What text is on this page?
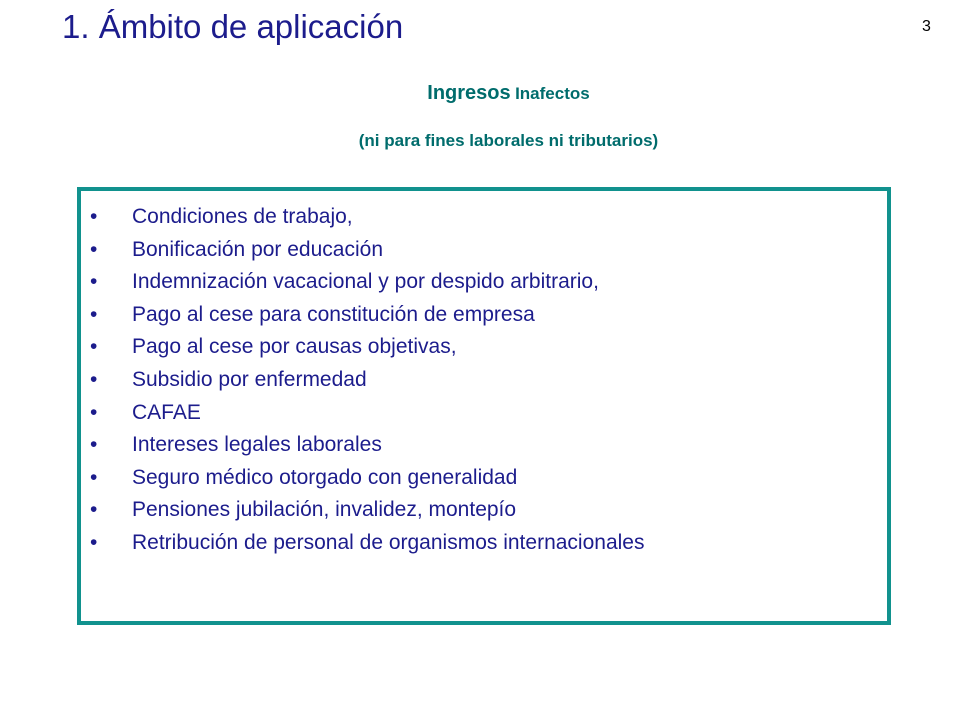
1. Ámbito de aplicación	3
Ingresos Inafectos
(ni para fines laborales ni tributarios)
•	Condiciones de trabajo,
•	Bonificación por educación
•	Indemnización vacacional y por despido arbitrario,
•	Pago al cese para constitución de empresa
•	Pago al cese por causas objetivas,
•	Subsidio por enfermedad
•	CAFAE
•	Intereses legales laborales
•	Seguro médico otorgado con generalidad
•	Pensiones jubilación, invalidez, montepío
•	Retribución de personal de organismos internacionales
